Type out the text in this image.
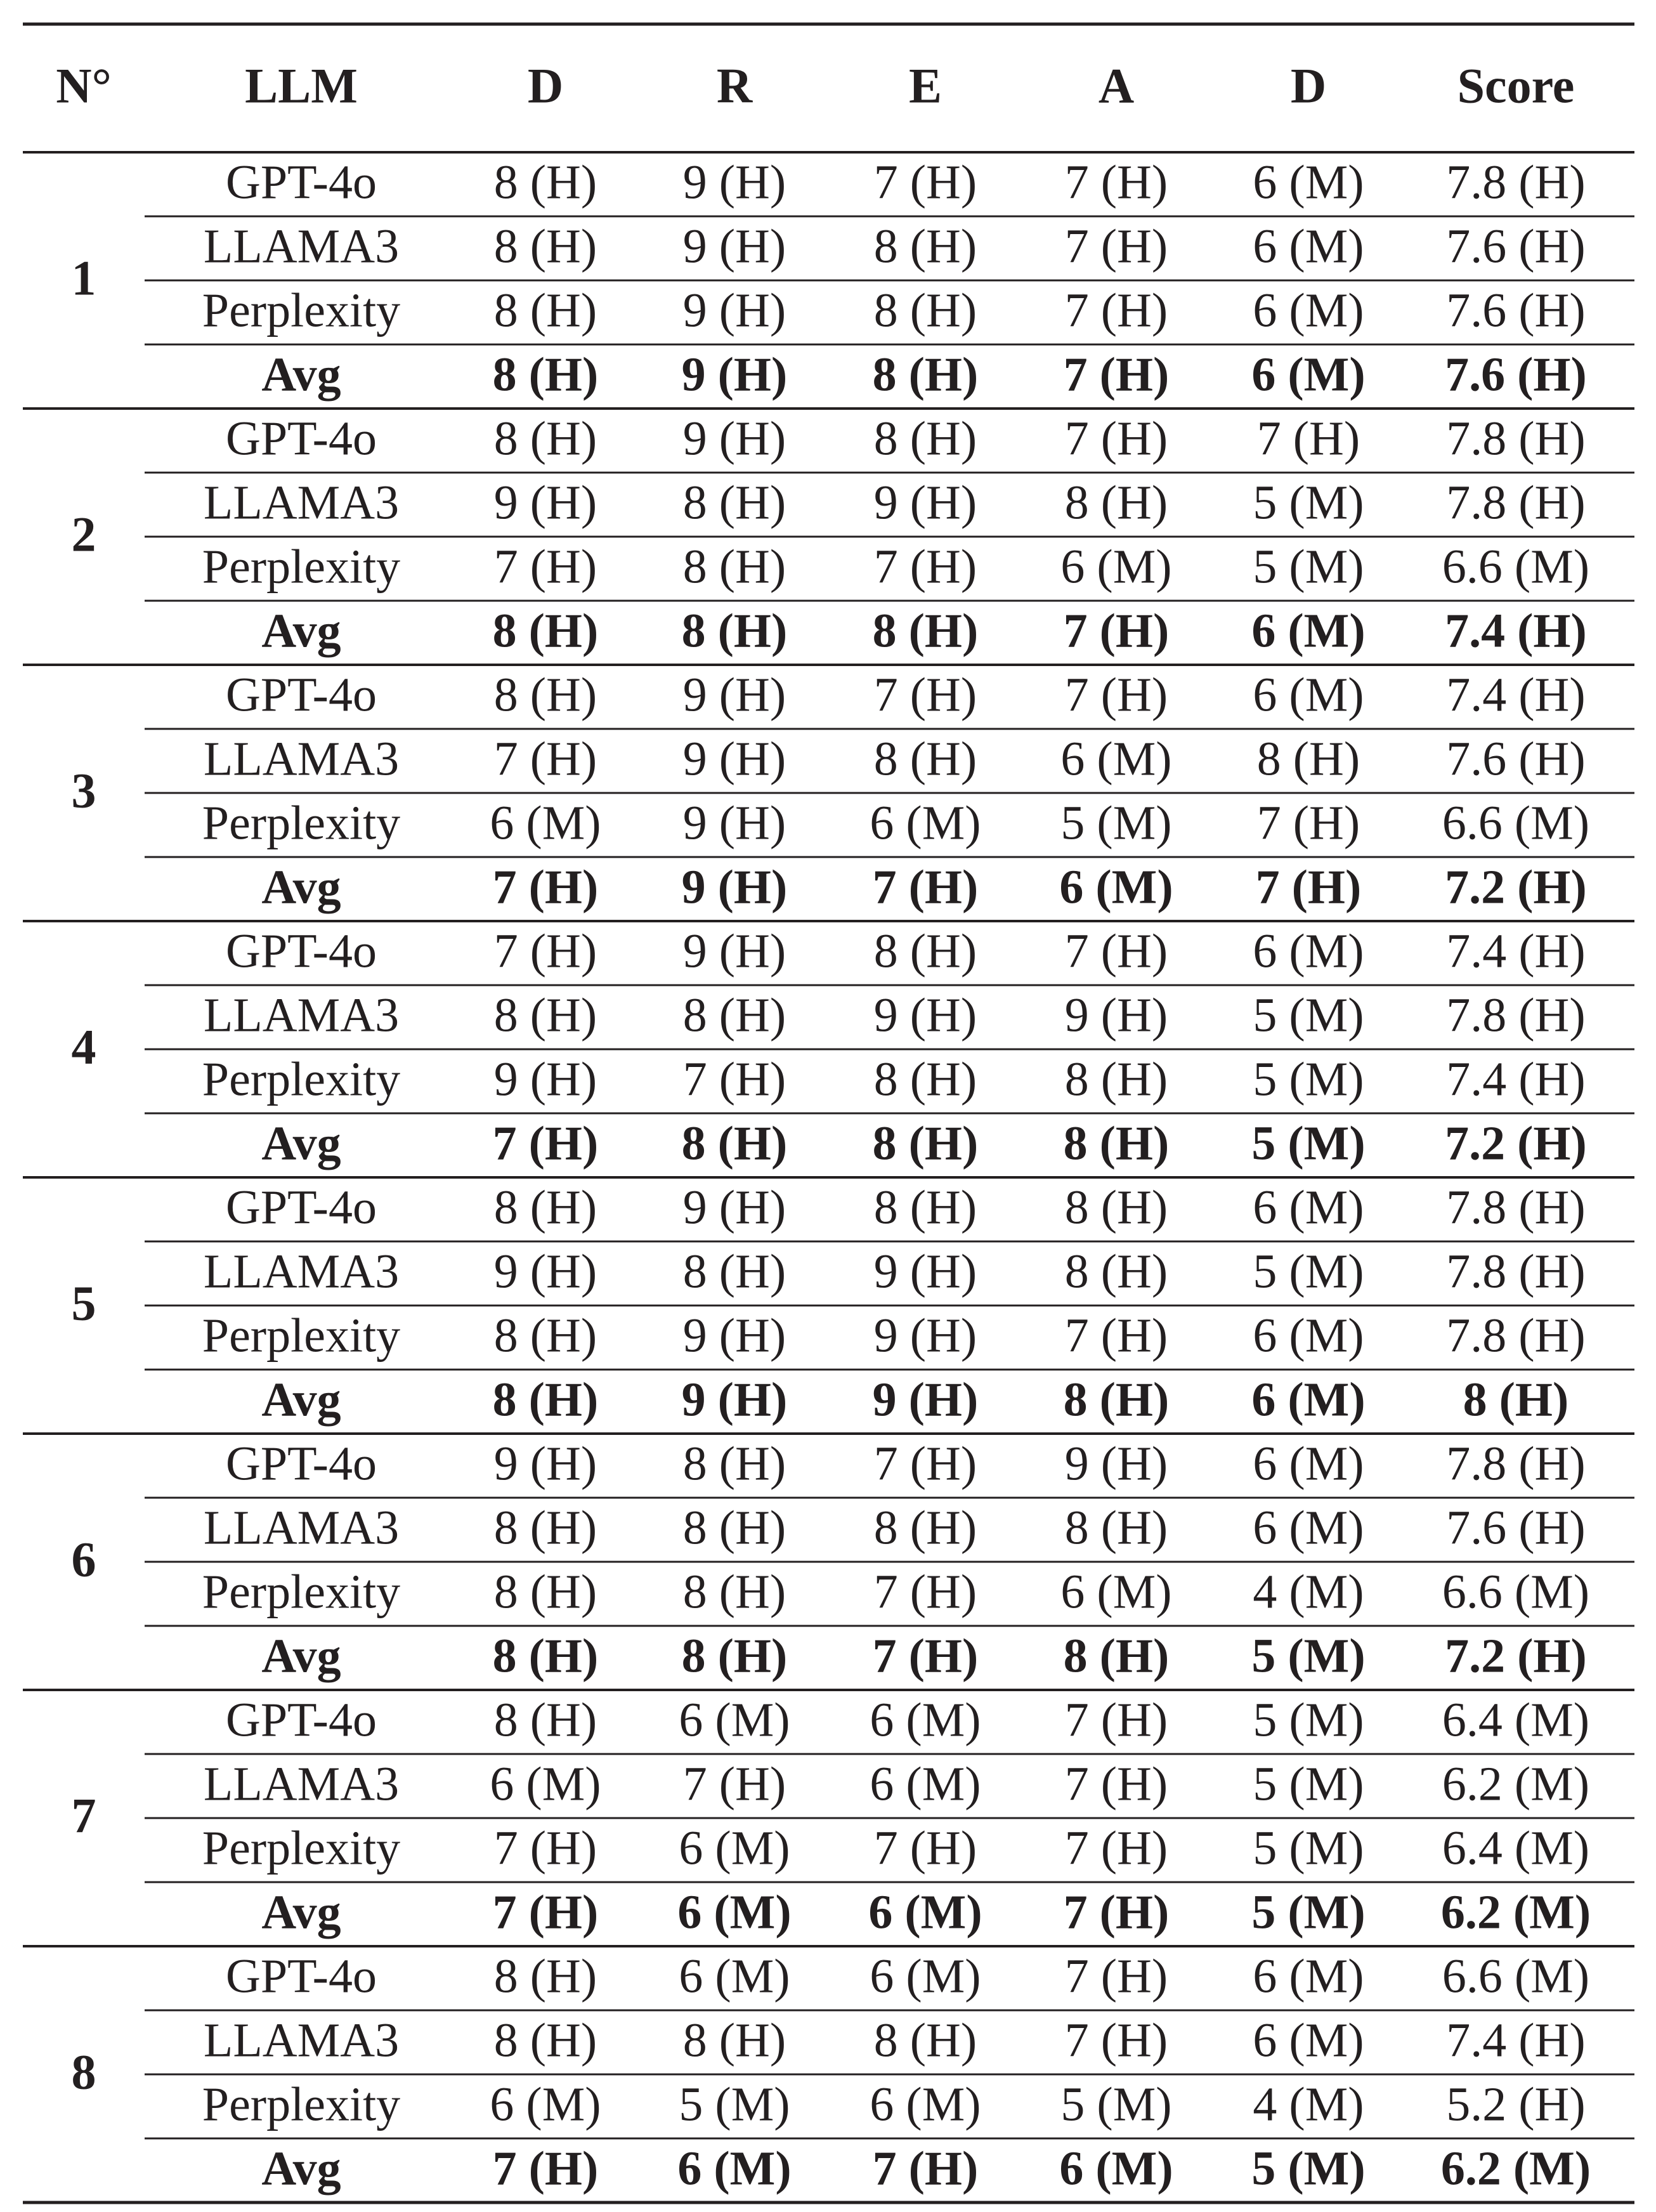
N°	LLM	D	R	E	A	D	Score
1
GPT-4o 8 (H) 9 (H) 7 (H) 7 (H) 6 (M) 7.8 (H)
LLAMA3 8 (H) 9 (H) 8 (H) 7 (H) 6 (M) 7.6 (H)
Perplexity 8 (H) 9 (H) 8 (H) 7 (H) 6 (M) 7.6 (H)
Avg	8 (H) 9 (H) 8 (H) 7 (H) 6 (M) 7.6 (H)
2
GPT-4o 8 (H) 9 (H) 8 (H) 7 (H) 7 (H) 7.8 (H)
LLAMA3 9 (H) 8 (H) 9 (H) 8 (H) 5 (M) 7.8 (H)
Perplexity 7 (H) 8 (H) 7 (H) 6 (M) 5 (M) 6.6 (M)
Avg	8 (H) 8 (H) 8 (H) 7 (H) 6 (M) 7.4 (H)
3
GPT-4o 8 (H) 9 (H) 7 (H) 7 (H) 6 (M) 7.4 (H)
LLAMA3 7 (H) 9 (H) 8 (H) 6 (M) 8 (H) 7.6 (H)
Perplexity 6 (M) 9 (H) 6 (M) 5 (M) 7 (H) 6.6 (M)
Avg	7 (H) 9 (H) 7 (H) 6 (M) 7 (H) 7.2 (H)
4
GPT-4o 7 (H) 9 (H) 8 (H) 7 (H) 6 (M) 7.4 (H)
LLAMA3 8 (H) 8 (H) 9 (H) 9 (H) 5 (M) 7.8 (H)
Perplexity 9 (H) 7 (H) 8 (H) 8 (H) 5 (M) 7.4 (H)
Avg	7 (H) 8 (H) 8 (H) 8 (H) 5 (M) 7.2 (H)
5
GPT-4o 8 (H) 9 (H) 8 (H) 8 (H) 6 (M) 7.8 (H)
LLAMA3 9 (H) 8 (H) 9 (H) 8 (H) 5 (M) 7.8 (H)
Perplexity 8 (H) 9 (H) 9 (H) 7 (H) 6 (M) 7.8 (H)
Avg	8 (H) 9 (H) 9 (H) 8 (H) 6 (M) 8 (H)
6
GPT-4o 9 (H) 8 (H) 7 (H) 9 (H) 6 (M) 7.8 (H)
LLAMA3 8 (H) 8 (H) 8 (H) 8 (H) 6 (M) 7.6 (H)
Perplexity 8 (H) 8 (H) 7 (H) 6 (M) 4 (M) 6.6 (M)
Avg	8 (H) 8 (H) 7 (H) 8 (H) 5 (M) 7.2 (H)
7
GPT-4o 8 (H) 6 (M) 6 (M) 7 (H) 5 (M) 6.4 (M)
LLAMA3 6 (M) 7 (H) 6 (M) 7 (H) 5 (M) 6.2 (M)
Perplexity 7 (H) 6 (M) 7 (H) 7 (H) 5 (M) 6.4 (M)
Avg	7 (H) 6 (M) 6 (M) 7 (H) 5 (M) 6.2 (M)
8
GPT-4o 8 (H) 6 (M) 6 (M) 7 (H) 6 (M) 6.6 (M)
LLAMA3 8 (H) 8 (H) 8 (H) 7 (H) 6 (M) 7.4 (H)
Perplexity 6 (M) 5 (M) 6 (M) 5 (M) 4 (M) 5.2 (H)
Avg	7 (H) 6 (M) 7 (H) 6 (M) 5 (M) 6.2 (M)
